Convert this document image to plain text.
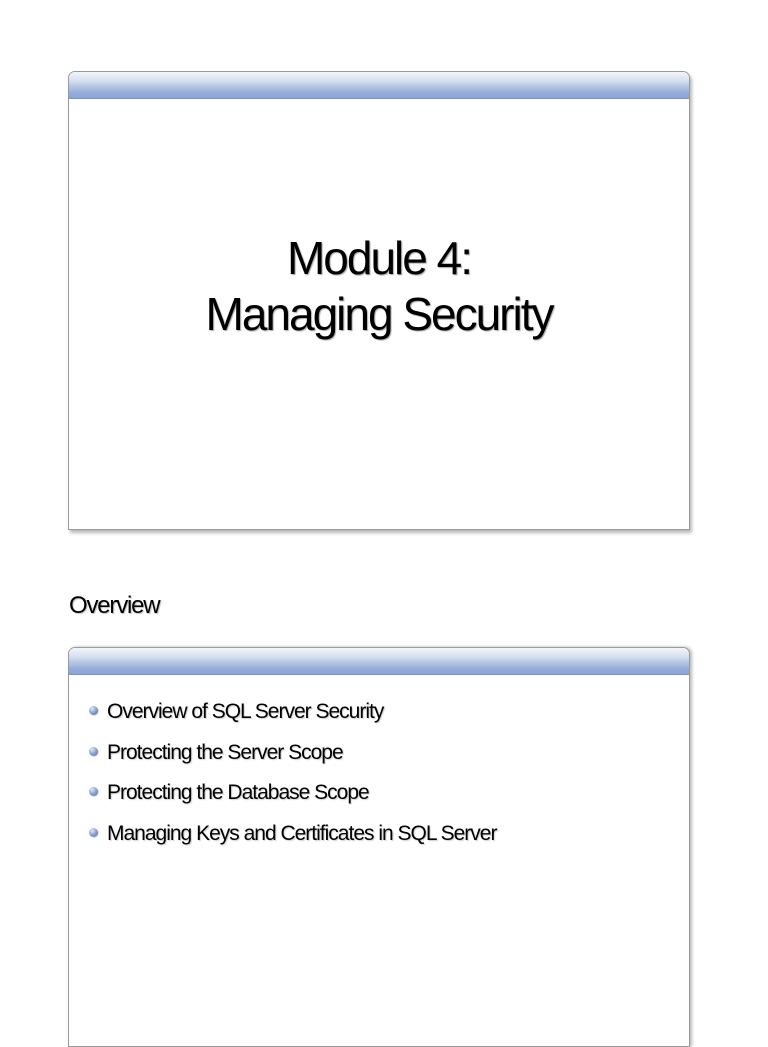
Module 4:
Managing Security
Overview
Overview of SQL Server Security
Protecting the Server Scope
Protecting the Database Scope
Managing Keys and Certificates in SQL Server
